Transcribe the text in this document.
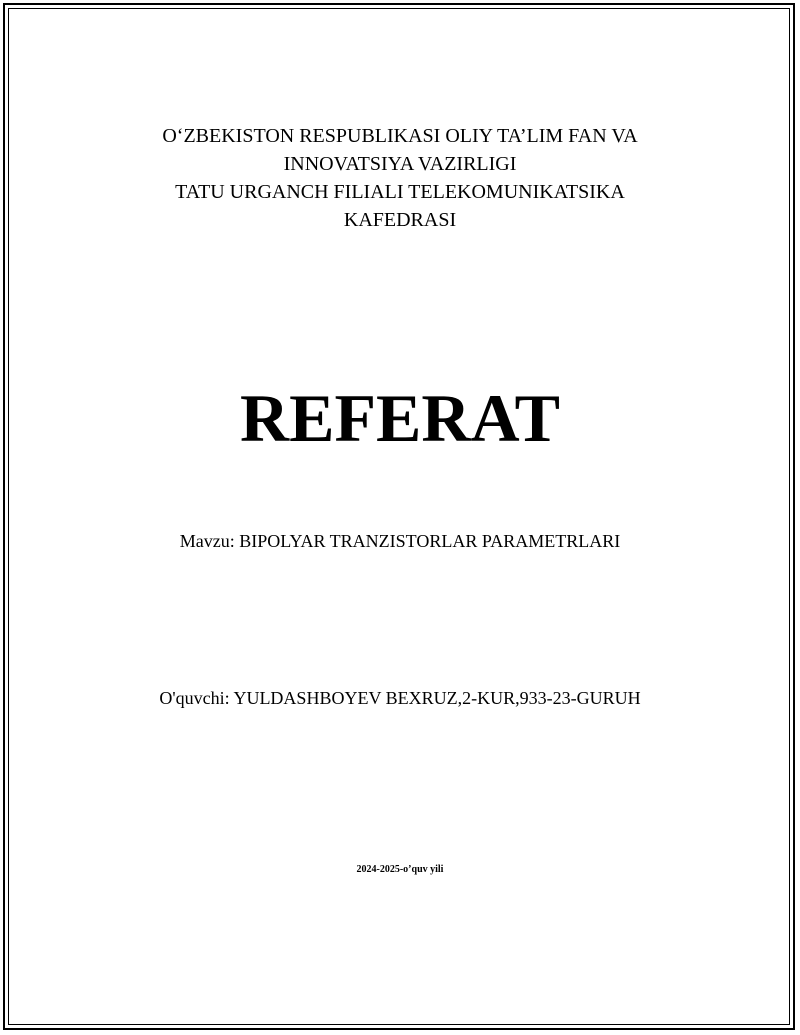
O‘ZBEKISTON RESPUBLIKASI OLIY TA’LIM FAN VA
INNOVATSIYA VAZIRLIGI
TATU URGANCH FILIALI TELEKOMUNIKATSIKA
KAFEDRASI
REFERAT
Mavzu: BIPOLYAR TRANZISTORLAR PARAMETRLARI
O'quvchi: YULDASHBOYEV BEXRUZ,2-KUR,933-23-GURUH
2024-2025-o’quv yili
